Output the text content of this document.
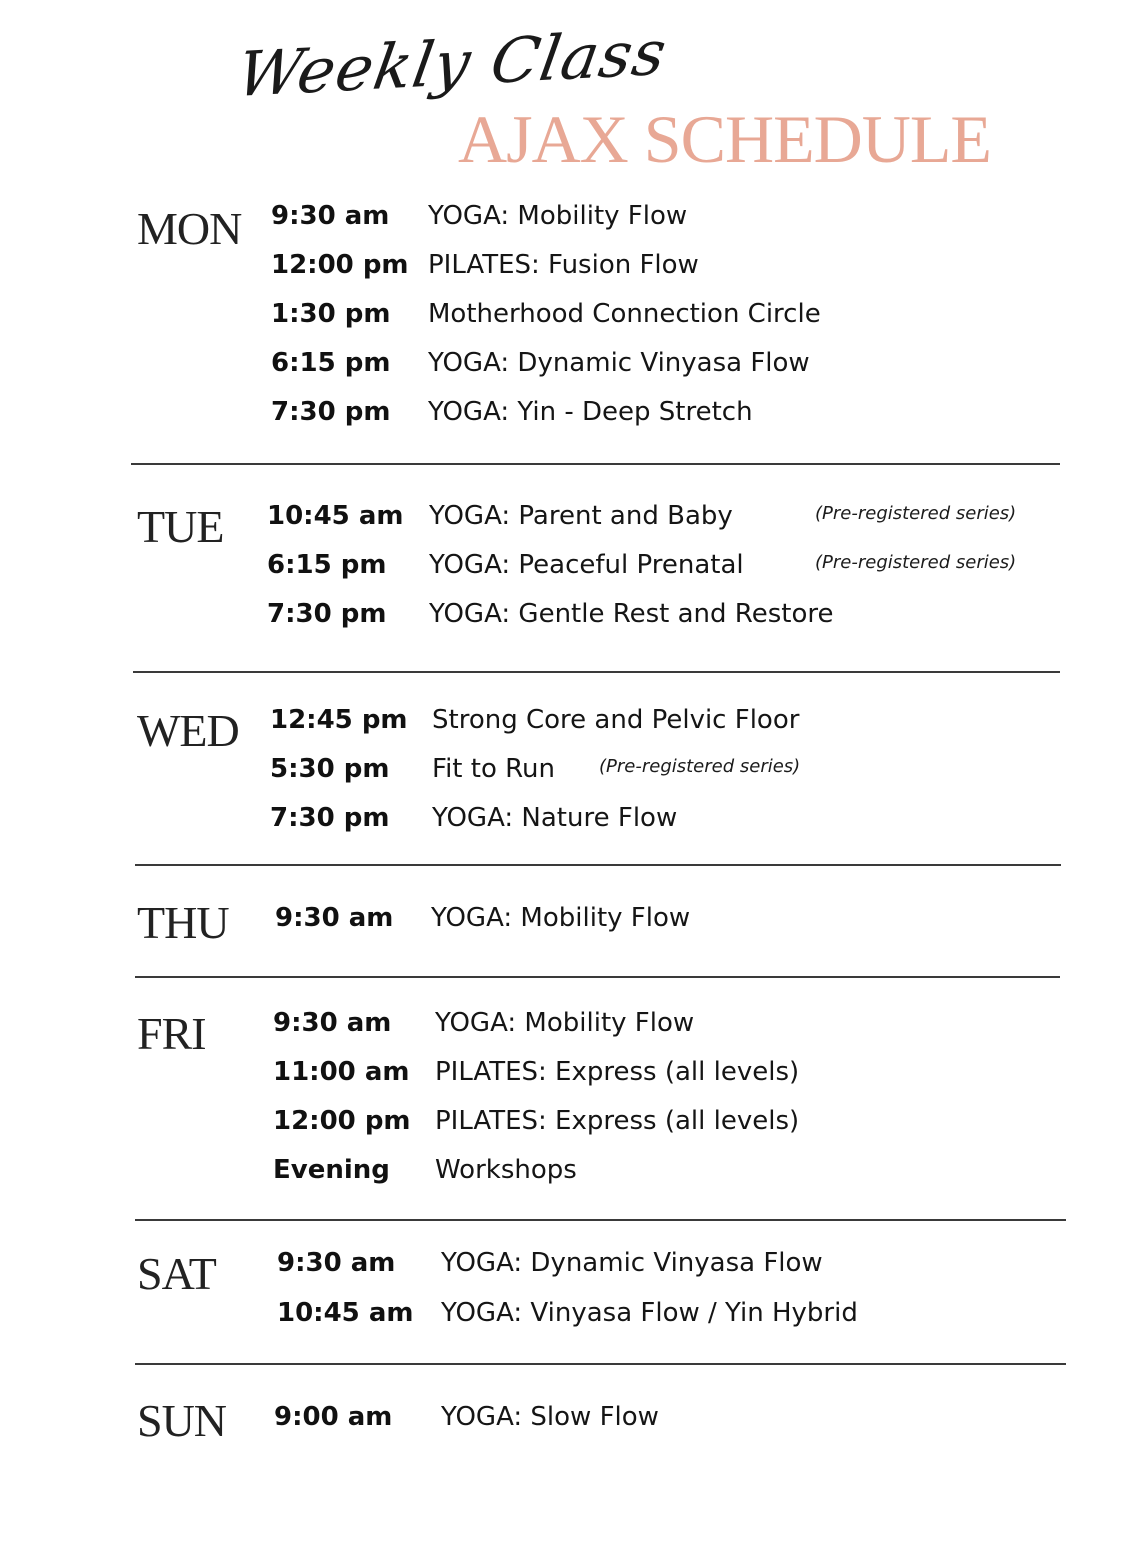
Weekly Class
AJAX SCHEDULE
MON 9:30 am YOGA: Mobility Flow
12:00 pm PILATES: Fusion Flow
1:30 pm Motherhood Connection Circle
6:15 pm YOGA: Dynamic Vinyasa Flow
7:30 pm YOGA: Yin - Deep Stretch
TUE 10:45 am YOGA: Parent and Baby	(Pre-registered series)
6:15 pm YOGA: Peaceful Prenatal	(Pre-registered series)
7:30 pm YOGA: Gentle Rest and Restore
WED 12:45 pm Strong Core and Pelvic Floor
5:30 pm Fit to Run (Pre-registered series)
7:30 pm YOGA: Nature Flow
THU 9:30 am YOGA: Mobility Flow
FRI	9:30 am YOGA: Mobility Flow
11:00 am PILATES: Express (all levels)
12:00 pm PILATES: Express (all levels)
Evening Workshops
SAT 9:30 am YOGA: Dynamic Vinyasa Flow
10:45 am YOGA: Vinyasa Flow / Yin Hybrid
SUN 9:00 am YOGA: Slow Flow
